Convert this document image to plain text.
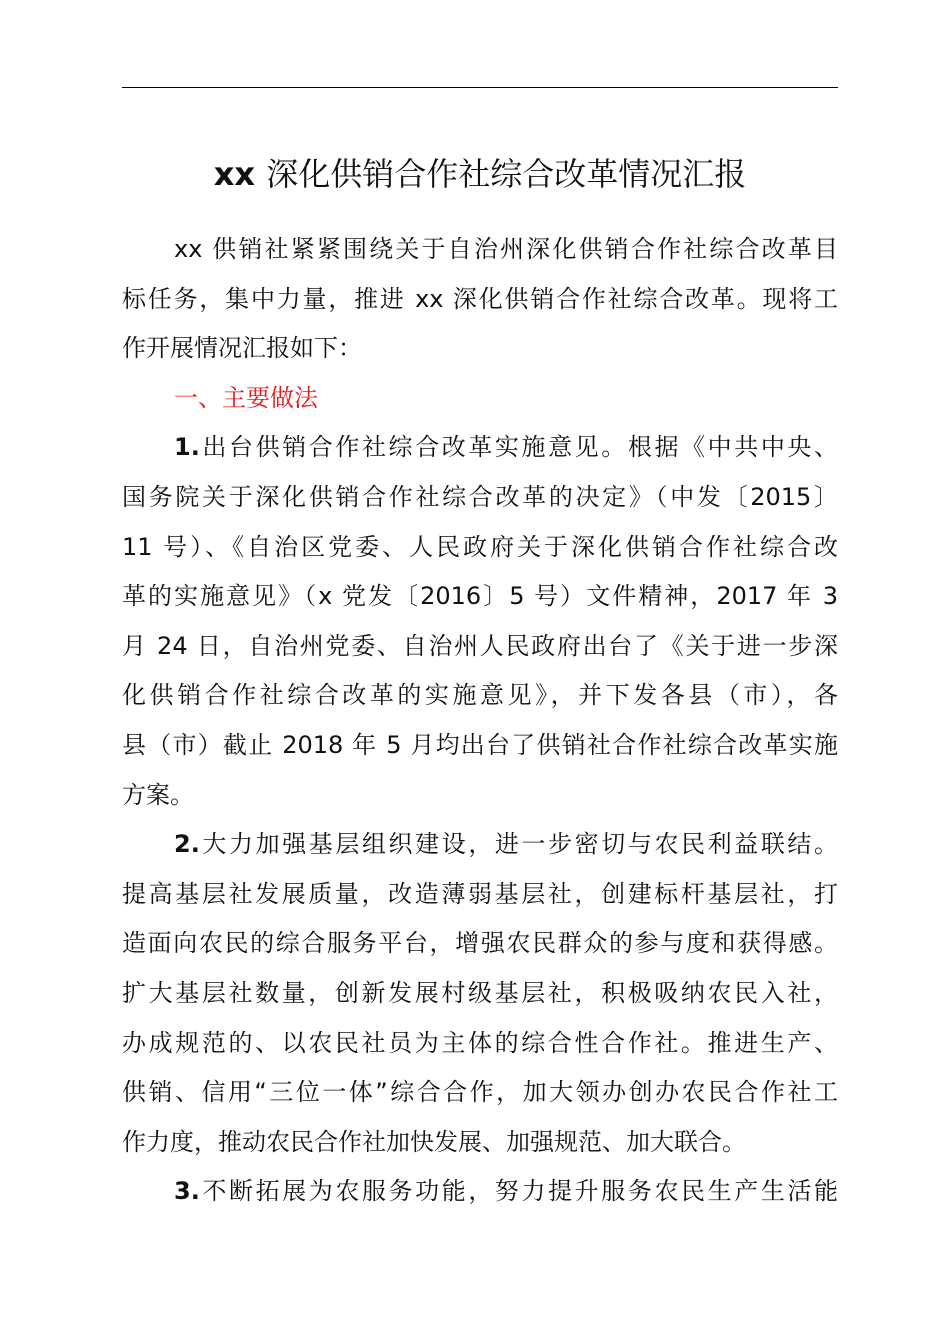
xx 深化供销合作社综合改革情况汇报
xx 供销社紧紧围绕关于自治州深化供销合作社综合改革目
标任务，集中力量，推进 xx 深化供销合作社综合改革。现将工
作开展情况汇报如下：
一、主要做法
1.出台供销合作社综合改革实施意见。根据《中共中央、
国务院关于深化供销合作社综合改革的决定》（中发〔2015〕
11 号）、《自治区党委、人民政府关于深化供销合作社综合改
革的实施意见》（x 党发〔2016〕5 号）文件精神，2017 年 3
月 24 日，自治州党委、自治州人民政府出台了《关于进一步深
化供销合作社综合改革的实施意见》，并下发各县（市），各
县（市）截止 2018 年 5 月均出台了供销社合作社综合改革实施
方案。
2.大力加强基层组织建设，进一步密切与农民利益联结。
提高基层社发展质量，改造薄弱基层社，创建标杆基层社，打
造面向农民的综合服务平台，增强农民群众的参与度和获得感。
扩大基层社数量，创新发展村级基层社，积极吸纳农民入社，
办成规范的、以农民社员为主体的综合性合作社。推进生产、
供销、信用“三位一体”综合合作，加大领办创办农民合作社工
作力度，推动农民合作社加快发展、加强规范、加大联合。
3.不断拓展为农服务功能，努力提升服务农民生产生活能
